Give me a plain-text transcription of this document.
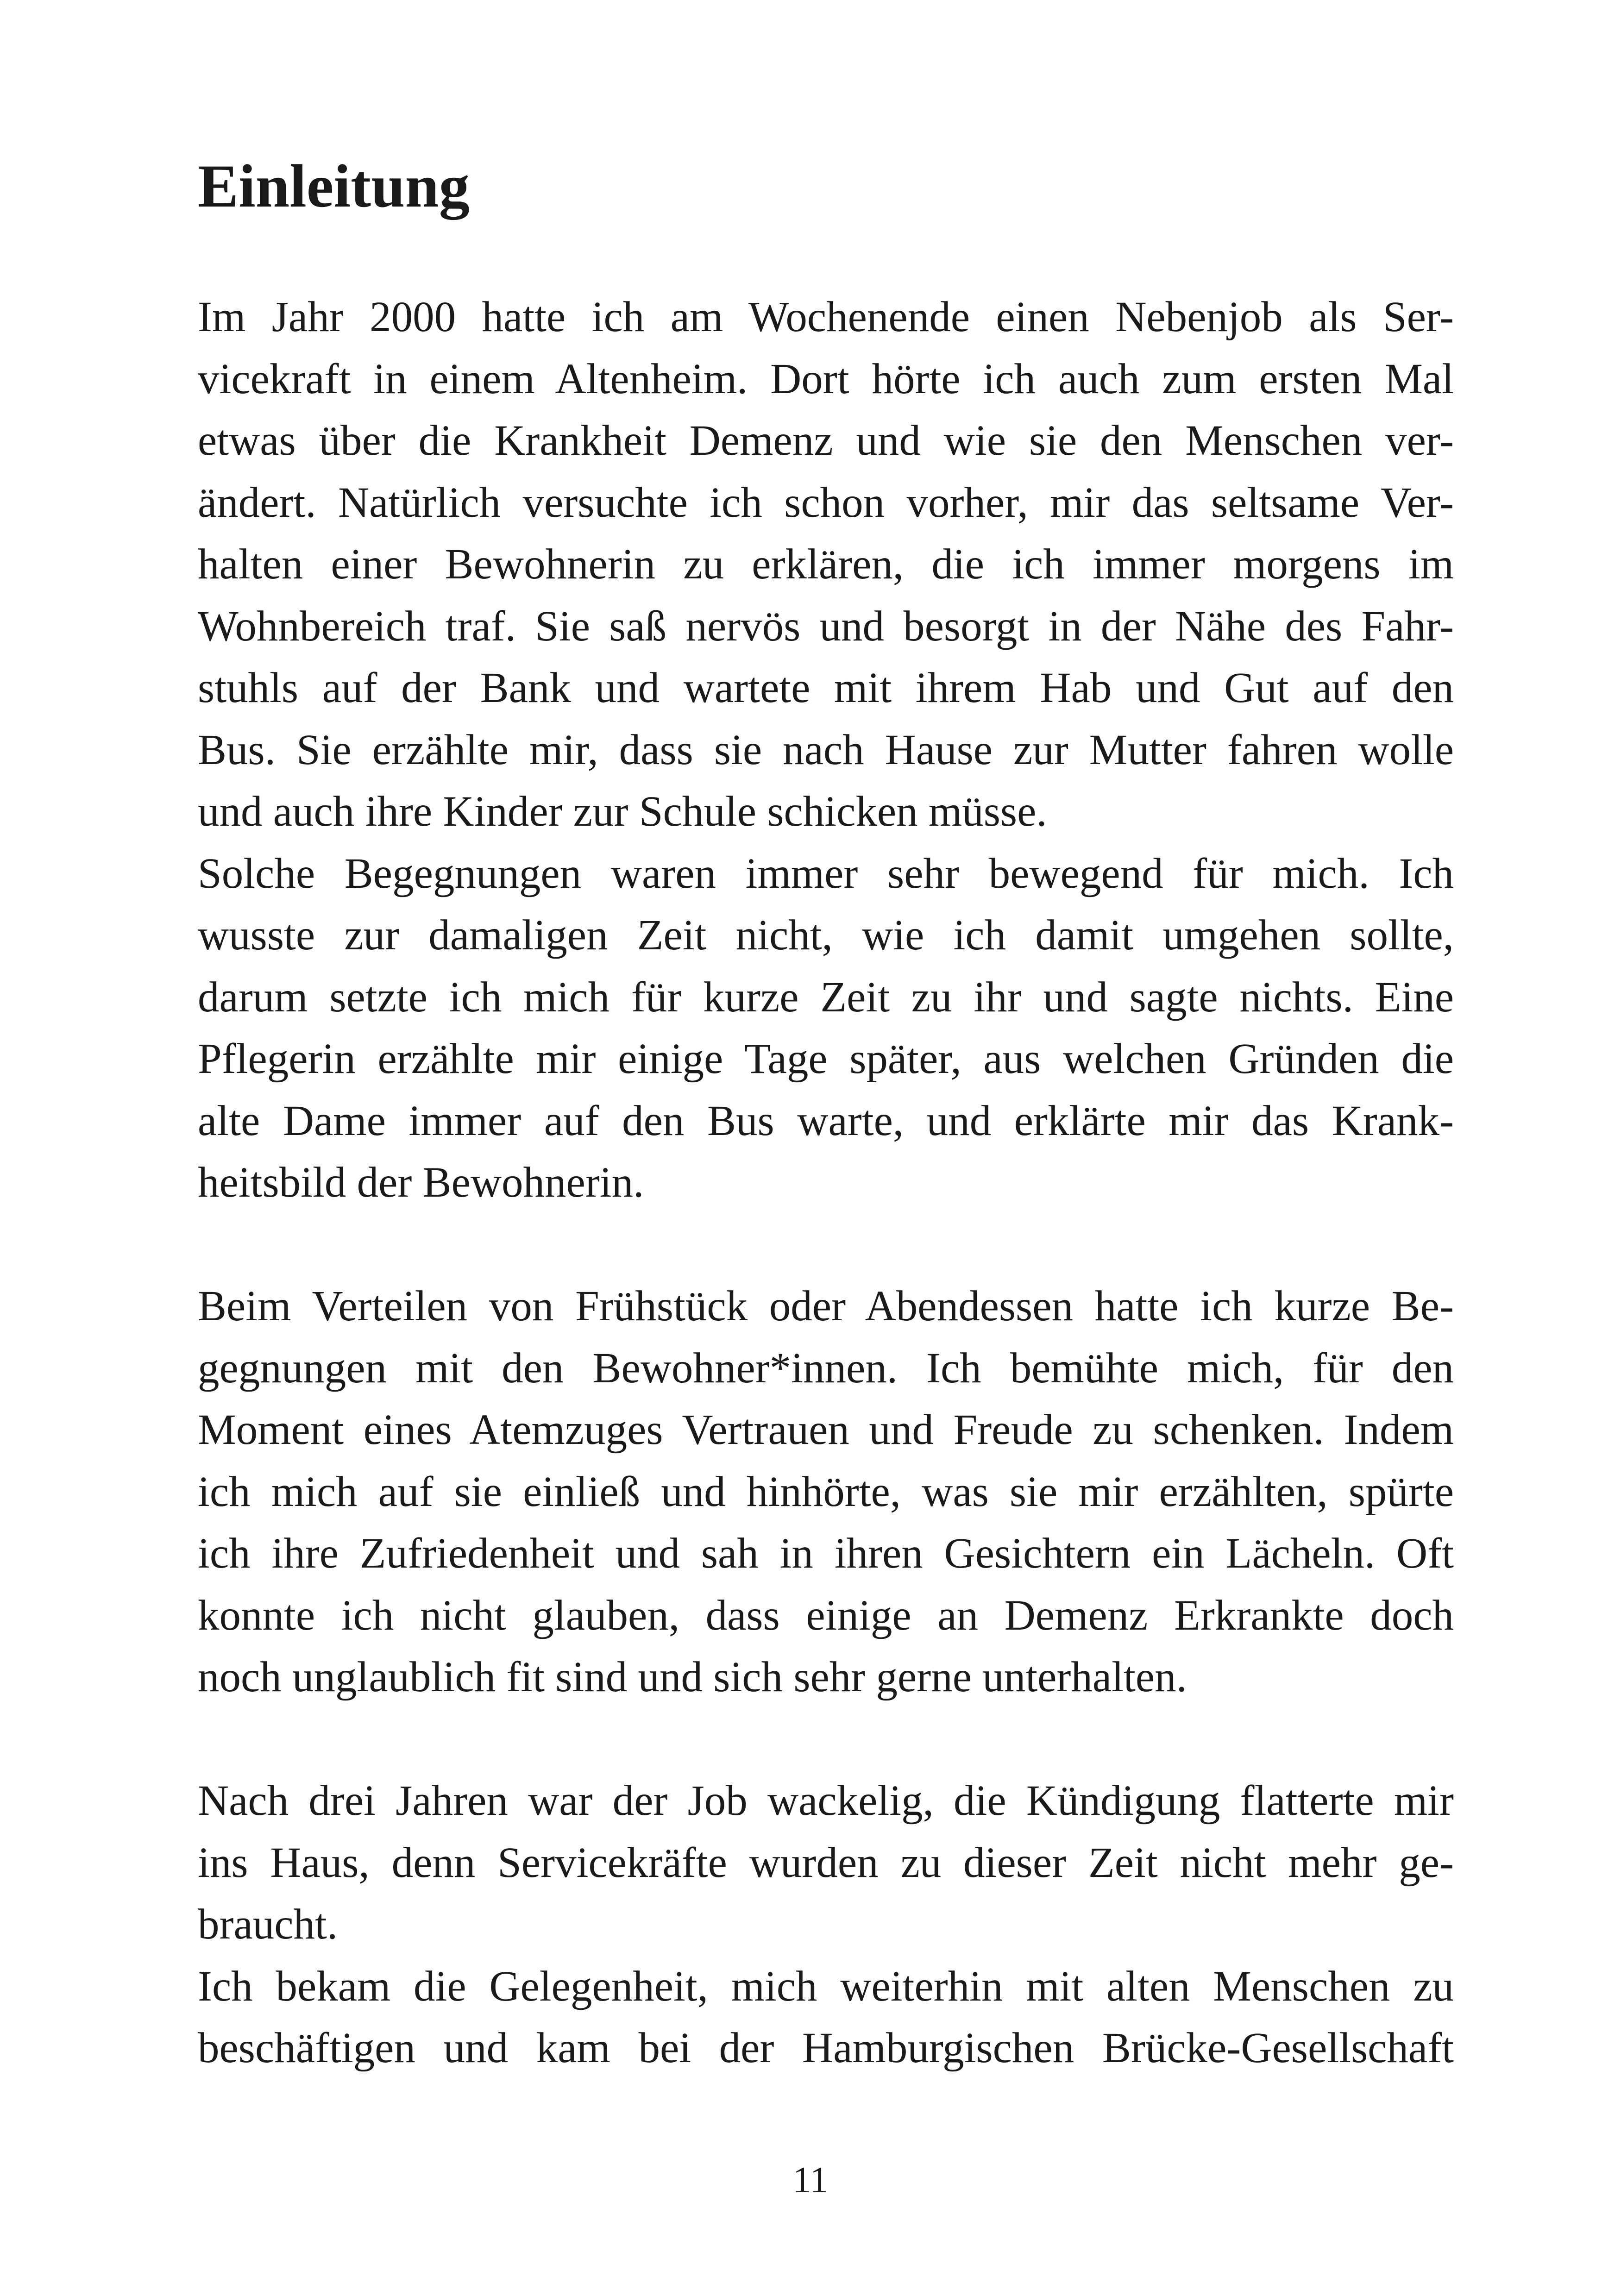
Einleitung
Im Jahr 2000 hatte ich am Wochenende einen Nebenjob als Ser-
vicekraft in einem Altenheim. Dort hörte ich auch zum ersten Mal
etwas über die Krankheit Demenz und wie sie den Menschen ver-
ändert. Natürlich versuchte ich schon vorher, mir das seltsame Ver-
halten einer Bewohnerin zu erklären, die ich immer morgens im
Wohnbereich traf. Sie saß nervös und besorgt in der Nähe des Fahr-
stuhls auf der Bank und wartete mit ihrem Hab und Gut auf den
Bus. Sie erzählte mir, dass sie nach Hause zur Mutter fahren wolle
und auch ihre Kinder zur Schule schicken müsse.
Solche Begegnungen waren immer sehr bewegend für mich. Ich
wusste zur damaligen Zeit nicht, wie ich damit umgehen sollte,
darum setzte ich mich für kurze Zeit zu ihr und sagte nichts. Eine
Pflegerin erzählte mir einige Tage später, aus welchen Gründen die
alte Dame immer auf den Bus warte, und erklärte mir das Krank-
heitsbild der Bewohnerin.
Beim Verteilen von Frühstück oder Abendessen hatte ich kurze Be-
gegnungen mit den Bewohner*innen. Ich bemühte mich, für den
Moment eines Atemzuges Vertrauen und Freude zu schenken. Indem
ich mich auf sie einließ und hinhörte, was sie mir erzählten, spürte
ich ihre Zufriedenheit und sah in ihren Gesichtern ein Lächeln. Oft
konnte ich nicht glauben, dass einige an Demenz Erkrankte doch
noch unglaublich fit sind und sich sehr gerne unterhalten.
Nach drei Jahren war der Job wackelig, die Kündigung flatterte mir
ins Haus, denn Servicekräfte wurden zu dieser Zeit nicht mehr ge-
braucht.
Ich bekam die Gelegenheit, mich weiterhin mit alten Menschen zu
beschäftigen und kam bei der Hamburgischen Brücke-Gesellschaft
11
